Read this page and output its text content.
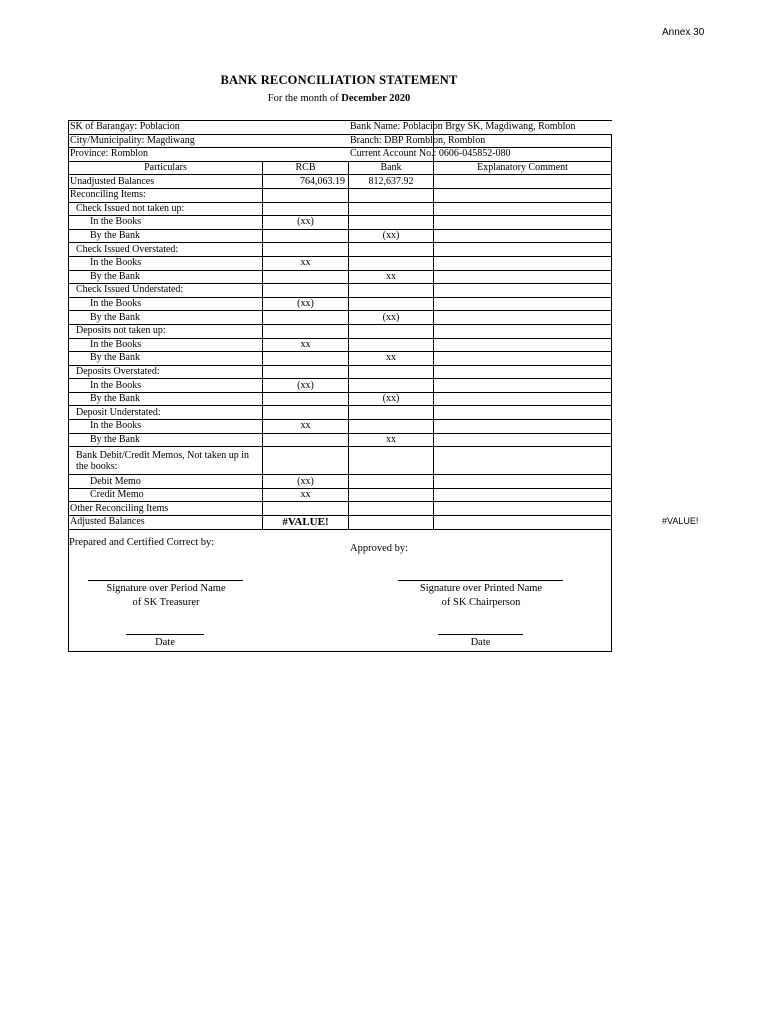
Annex 30
BANK RECONCILIATION STATEMENT
For the month of December 2020
SK of Barangay: Poblacion			
City/Municipality: Magdiwang			
Province: Romblon			
Particulars	RCB	Bank	Explanatory Comment
Unadjusted Balances	764,063.19	812,637.92	
Reconciling Items:			
Check Issued not taken up:			
In the Books	(xx)		
By the Bank		(xx)	
Check Issued Overstated:			
In the Books	xx		
By the Bank		xx	
Check Issued Understated:			
In the Books	(xx)		
By the Bank		(xx)	
Deposits not taken up:			
In the Books	xx		
By the Bank		xx	
Deposits Overstated:			
In the Books	(xx)		
By the Bank		(xx)	
Deposit Understated:			
In the Books	xx		
By the Bank		xx	
Bank Debit/Credit Memos, Not taken up in the books:			
Debit Memo	(xx)		
Credit Memo	xx		
Other Reconciling Items			
Adjusted Balances	#VALUE!		
Bank Name: Poblacion Brgy SK, Magdiwang, Romblon
Branch: DBP Romblon, Romblon
Current Account No.: 0606-045852-080
#VALUE!
Prepared and Certified Correct by:
Approved by:
Signature over Period Name
of SK Treasurer
Signature over Printed Name
of SK Chairperson
Date	Date
